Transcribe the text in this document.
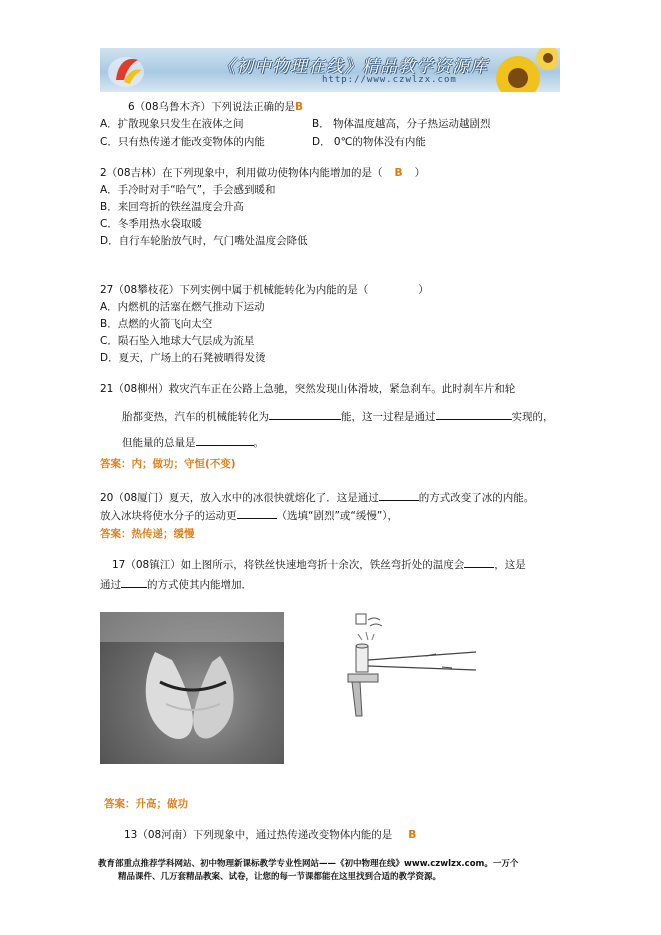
《初中物理在线》精品教学资源库
http://www.czwlzx.com
6（08乌鲁木齐）下列说法正确的是B
A．扩散现象只发生在液体之间	B． 物体温度越高，分子热运动越剧烈
C．只有热传递才能改变物体的内能	D． 0℃的物体没有内能
2（08吉林）在下列现象中，利用做功使物体内能增加的是（ B ）
A．手冷时对手“哈气”，手会感到暖和
B．来回弯折的铁丝温度会升高
C．冬季用热水袋取暖
D．自行车轮胎放气时，气门嘴处温度会降低
27（08攀枝花）下列实例中属于机械能转化为内能的是（	）
A．内燃机的活塞在燃气推动下运动
B．点燃的火箭飞向太空
C．陨石坠入地球大气层成为流星
D．夏天，广场上的石凳被晒得发烫
21（08柳州）救灾汽车正在公路上急驰，突然发现山体滑坡，紧急刹车。此时刹车片和轮
胎都变热，汽车的机械能转化为	能，这一过程是通过	实现的，
但能量的总量是	。
答案：内；做功；守恒(不变)
20（08厦门）夏天，放入水中的冰很快就熔化了．这是通过	的方式改变了冰的内能。
放入冰块将使水分子的运动更	（选填“剧烈”或“缓慢”），
答案：热传递；缓慢
17（08镇江）如上图所示，将铁丝快速地弯折十余次，铁丝弯折处的温度会	，这是
通过 的方式使其内能增加．
答案：升高；做功
13（08河南）下列现象中，通过热传递改变物体内能的是 B
教育部重点推荐学科网站、初中物理新课标教学专业性网站——《初中物理在线》www.czwlzx.com。一万个
精品课件、几万套精品教案、试卷，让您的每一节课都能在这里找到合适的教学资源。
